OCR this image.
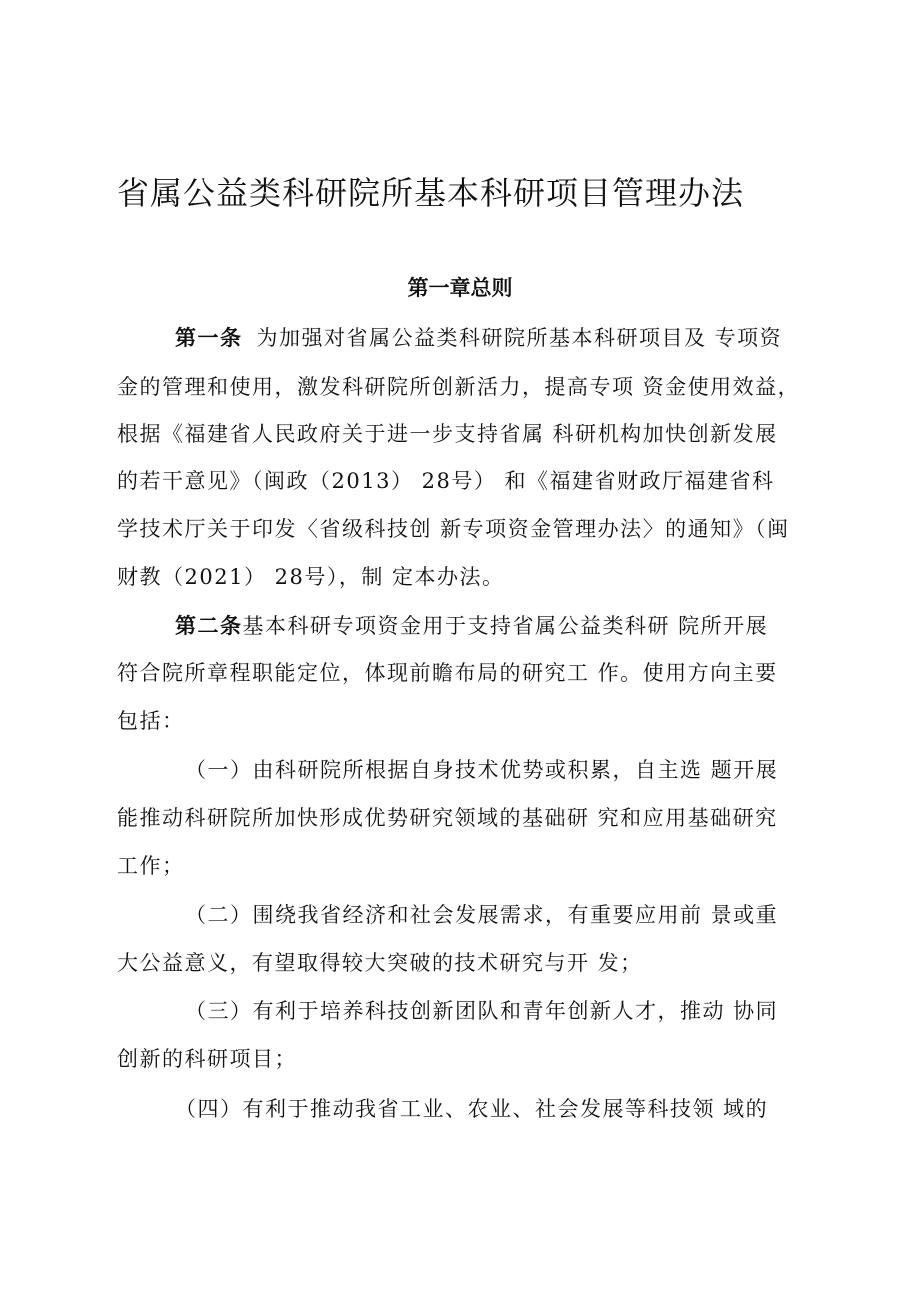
省属公益类科研院所基本科研项目管理办法
第一章总则
第一条 为加强对省属公益类科研院所基本科研项目及 专项资
金的管理和使用，激发科研院所创新活力，提高专项 资金使用效益，
根据《福建省人民政府关于进一步支持省属 科研机构加快创新发展
的若干意见》（闽政（2013） 28号） 和《福建省财政厅福建省科
学技术厅关于印发〈省级科技创 新专项资金管理办法〉的通知》（闽
财教（2021） 28号），制 定本办法。
第二条基本科研专项资金用于支持省属公益类科研 院所开展
符合院所章程职能定位，体现前瞻布局的研究工 作。使用方向主要
包括：
（一）由科研院所根据自身技术优势或积累，自主选 题开展
能推动科研院所加快形成优势研究领域的基础研 究和应用基础研究
工作；
（二）围绕我省经济和社会发展需求，有重要应用前 景或重
大公益意义，有望取得较大突破的技术研究与开 发；
（三）有利于培养科技创新团队和青年创新人才，推动 协同
创新的科研项目；
（四）有利于推动我省工业、农业、社会发展等科技领 域的
